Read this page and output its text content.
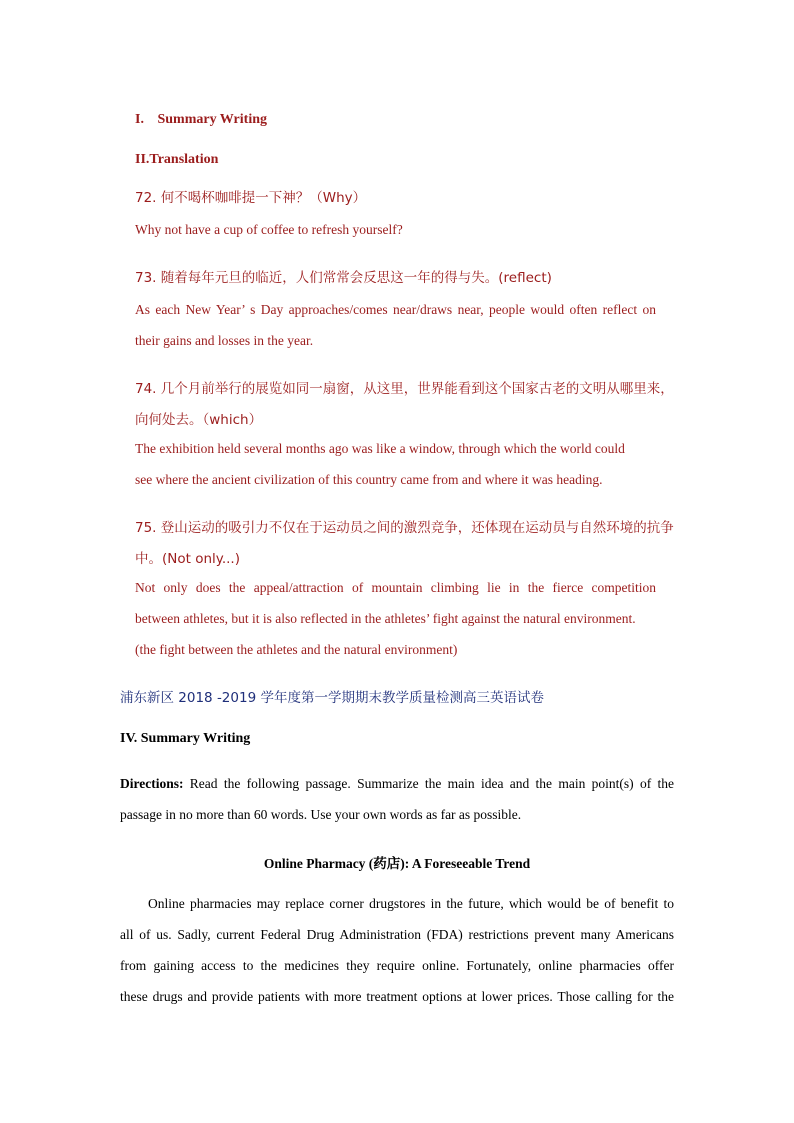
I. Summary Writing
II.Translation
72. 何不喝杯咖啡提一下神？（Why）
Why not have a cup of coffee to refresh yourself?
73. 随着每年元旦的临近，人们常常会反思这一年的得与失。(reflect)
As each New Year’ s Day approaches/comes near/draws near, people would often reflect on
their gains and losses in the year.
74. 几个月前举行的展览如同一扇窗，从这里，世界能看到这个国家古老的文明从哪里来，
向何处去。（which）
The exhibition held several months ago was like a window, through which the world could
see where the ancient civilization of this country came from and where it was heading.
75. 登山运动的吸引力不仅在于运动员之间的激烈竞争，还体现在运动员与自然环境的抗争
中。(Not only...)
Not only does the appeal/attraction of mountain climbing lie in the fierce competition
between athletes, but it is also reflected in the athletes’ fight against the natural environment.
(the fight between the athletes and the natural environment)
浦东新区 2018 -2019 学年度第一学期期末教学质量检测高三英语试卷
IV. Summary Writing
Directions: Read the following passage. Summarize the main idea and the main point(s) of the
passage in no more than 60 words. Use your own words as far as possible.
Online Pharmacy (药店): A Foreseeable Trend
Online pharmacies may replace corner drugstores in the future, which would be of benefit to
all of us. Sadly, current Federal Drug Administration (FDA) restrictions prevent many Americans
from gaining access to the medicines they require online. Fortunately, online pharmacies offer
these drugs and provide patients with more treatment options at lower prices. Those calling for the
